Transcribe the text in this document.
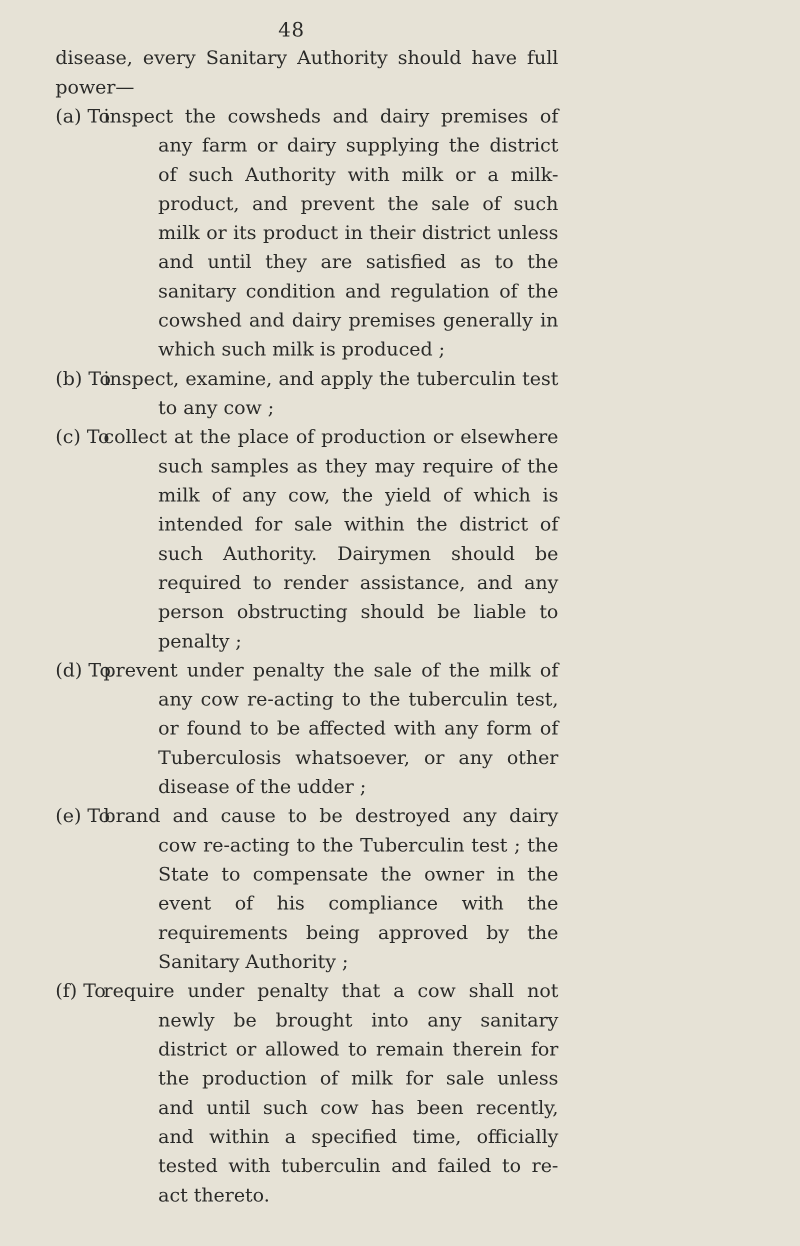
48
disease, every Sanitary Authority should have full power—
(a) To
inspect the cowsheds and dairy premises of any farm or dairy supplying the district of such Authority with milk or a milk-product, and prevent the sale of such milk or its product in their district unless and until they are satisfied as to the sanitary condition and regulation of the cowshed and dairy premises generally in which such milk is produced ;
(b) To
inspect, examine, and apply the tuberculin test to any cow ;
(c) To
collect at the place of production or elsewhere such samples as they may require of the milk of any cow, the yield of which is intended for sale within the district of such Authority. Dairymen should be required to render assistance, and any person obstructing should be liable to penalty ;
(d) To
prevent under penalty the sale of the milk of any cow re-acting to the tuberculin test, or found to be affected with any form of Tuberculosis whatsoever, or any other disease of the udder ;
(e) To
brand and cause to be destroyed any dairy cow re-acting to the Tuberculin test ; the State to compensate the owner in the event of his compliance with the requirements being approved by the Sanitary Authority ;
(f) To
require under penalty that a cow shall not newly be brought into any sanitary district or allowed to remain therein for the production of milk for sale unless and until such cow has been recently, and within a specified time, officially tested with tuberculin and failed to re-act thereto.
